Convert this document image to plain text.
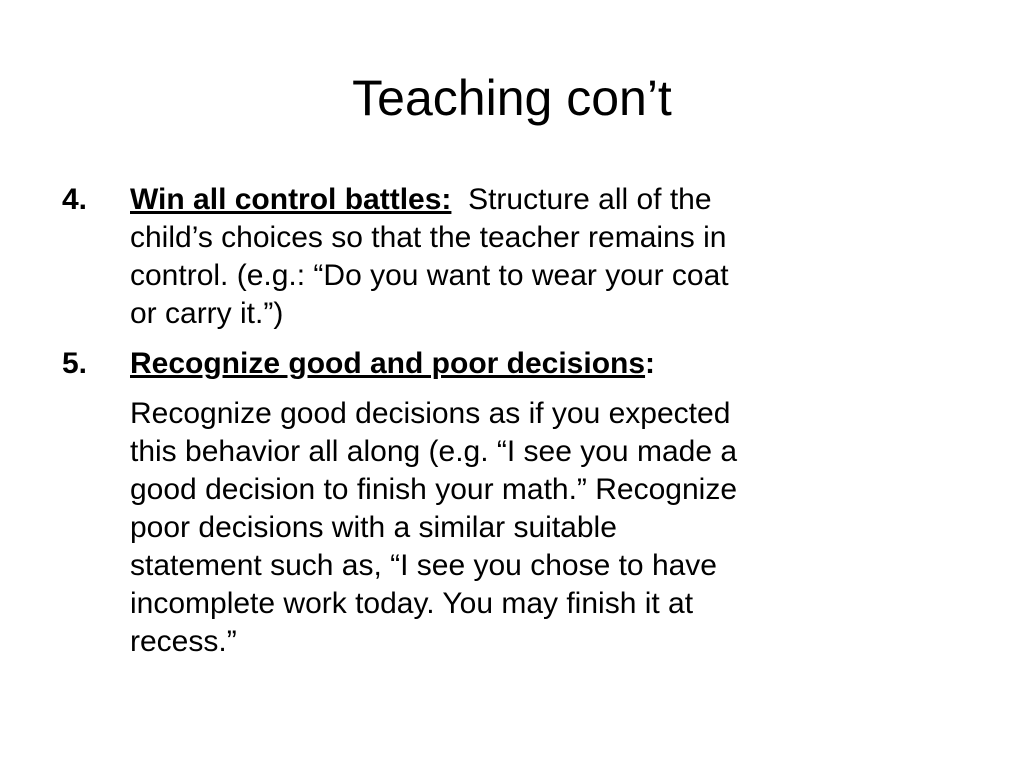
Teaching con’t
4. Win all control battles:  Structure all of the
child’s choices so that the teacher remains in
control. (e.g.: “Do you want to wear your coat
or carry it.”)
5. Recognize good and poor decisions:
Recognize good decisions as if you expected
this behavior all along (e.g. “I see you made a
good decision to finish your math.” Recognize
poor decisions with a similar suitable
statement such as, “I see you chose to have
incomplete work today. You may finish it at
recess.”
